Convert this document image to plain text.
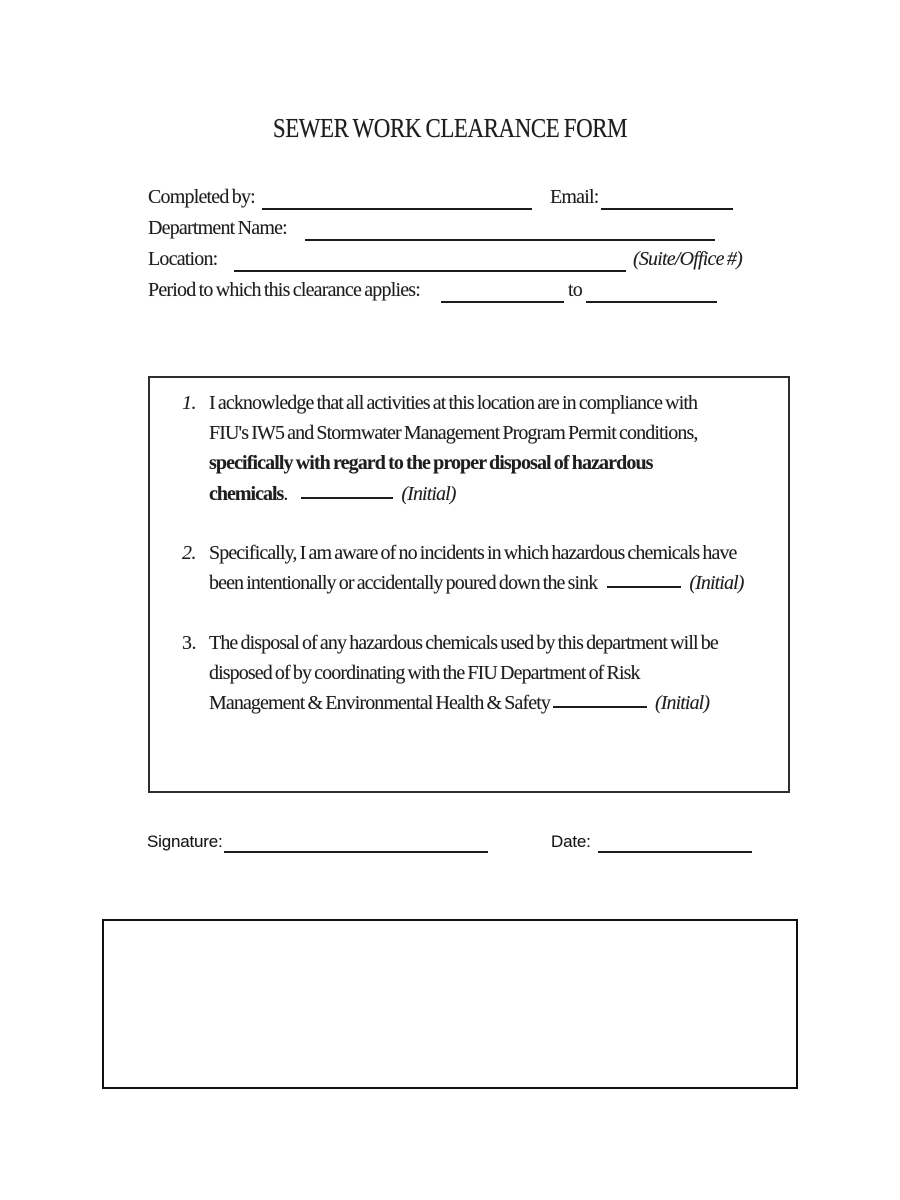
SEWER WORK CLEARANCE FORM
Completed by:	Email:
Department Name:
Location:	(Suite/Office #)
Period to which this clearance applies:	to
1. I acknowledge that all activities at this location are in compliance with
FIU's IW5 and Stormwater Management Program Permit conditions,
specifically with regard to the proper disposal of hazardous
chemicals.	(Initial)
2. Specifically, I am aware of no incidents in which hazardous chemicals have
been intentionally or accidentally poured down the sink	(Initial)
3. The disposal of any hazardous chemicals used by this department will be
disposed of by coordinating with the FIU Department of Risk
Management & Environmental Health & Safety	(Initial)
Signature:	Date:
